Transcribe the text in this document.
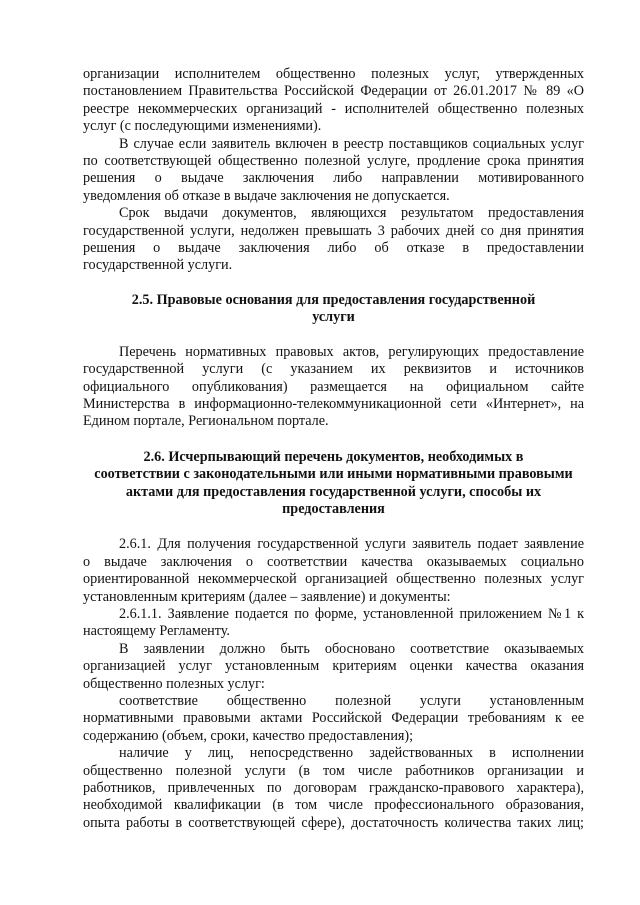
организации исполнителем общественно полезных услуг, утвержденных
постановлением Правительства Российской Федерации от 26.01.2017 № 89 «О
реестре некоммерческих организаций - исполнителей общественно полезных
услуг (с последующими изменениями).
В случае если заявитель включен в реестр поставщиков социальных услуг
по соответствующей общественно полезной услуге, продление срока принятия
решения о выдаче заключения либо направлении мотивированного
уведомления об отказе в выдаче заключения не допускается.
Срок выдачи документов, являющихся результатом предоставления
государственной услуги, недолжен превышать 3 рабочих дней со дня принятия
решения о выдаче заключения либо об отказе в предоставлении
государственной услуги.
2.5. Правовые основания для предоставления государственной
услуги
Перечень нормативных правовых актов, регулирующих предоставление
государственной услуги (с указанием их реквизитов и источников
официального опубликования) размещается на официальном сайте
Министерства в информационно-телекоммуникационной сети «Интернет», на
Едином портале, Региональном портале.
2.6. Исчерпывающий перечень документов, необходимых в
соответствии с законодательными или иными нормативными правовыми
актами для предоставления государственной услуги, способы их
предоставления
2.6.1. Для получения государственной услуги заявитель подает заявление
о выдаче заключения о соответствии качества оказываемых социально
ориентированной некоммерческой организацией общественно полезных услуг
установленным критериям (далее – заявление) и документы:
2.6.1.1. Заявление подается по форме, установленной приложением №1 к
настоящему Регламенту.
В заявлении должно быть обосновано соответствие оказываемых
организацией услуг установленным критериям оценки качества оказания
общественно полезных услуг:
соответствие общественно полезной услуги установленным
нормативными правовыми актами Российской Федерации требованиям к ее
содержанию (объем, сроки, качество предоставления);
наличие у лиц, непосредственно задействованных в исполнении
общественно полезной услуги (в том числе работников организации и
работников, привлеченных по договорам гражданско-правового характера),
необходимой квалификации (в том числе профессионального образования,
опыта работы в соответствующей сфере), достаточность количества таких лиц;
